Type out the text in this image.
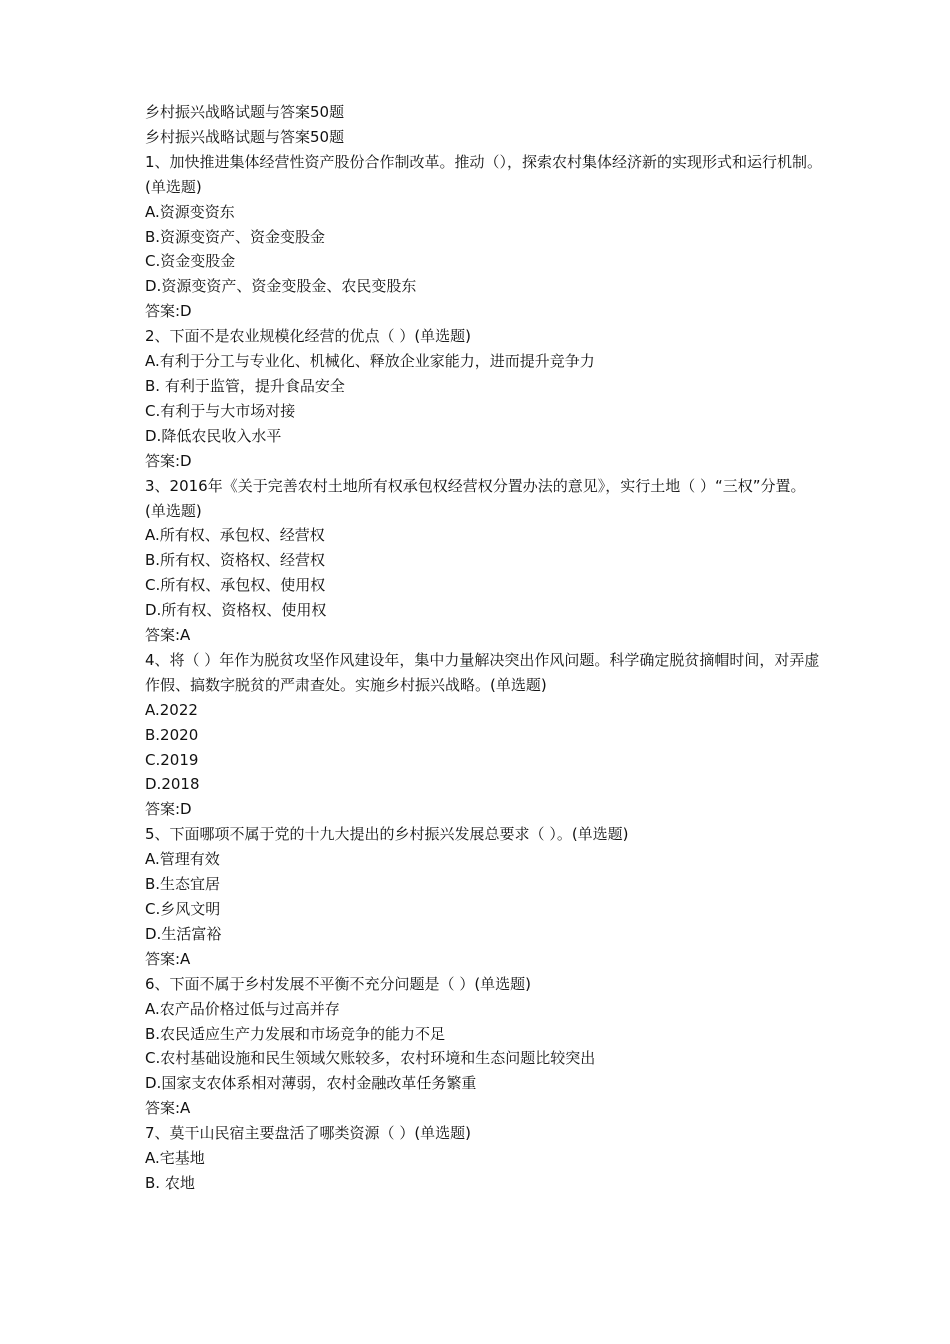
乡村振兴战略试题与答案50题

乡村振兴战略试题与答案50题

1、加快推进集体经营性资产股份合作制改革。推动（），探索农村集体经济新的实现形式和运行机制。(单选题)

A.资源变资东

B.资源变资产、资金变股金

C.资金变股金

D.资源变资产、资金变股金、农民变股东

答案:D

2、下面不是农业规模化经营的优点（ ）(单选题)

A.有利于分工与专业化、机械化、释放企业家能力，进而提升竞争力

B. 有利于监管，提升食品安全

C.有利于与大市场对接

D.降低农民收入水平

答案:D

3、2016年《关于完善农村土地所有权承包权经营权分置办法的意见》，实行土地（ ）“三权”分置。(单选题)

A.所有权、承包权、经营权

B.所有权、资格权、经营权

C.所有权、承包权、使用权

D.所有权、资格权、使用权

答案:A

4、将（ ）年作为脱贫攻坚作风建设年，集中力量解决突出作风问题。科学确定脱贫摘帽时间，对弄虚作假、搞数字脱贫的严肃查处。实施乡村振兴战略。(单选题)

A.2022

B.2020

C.2019

D.2018

答案:D

5、下面哪项不属于党的十九大提出的乡村振兴发展总要求（ ）。(单选题)

A.管理有效

B.生态宜居

C.乡风文明

D.生活富裕

答案:A

6、下面不属于乡村发展不平衡不充分问题是（ ）(单选题)

A.农产品价格过低与过高并存

B.农民适应生产力发展和市场竞争的能力不足

C.农村基础设施和民生领域欠账较多，农村环境和生态问题比较突出

D.国家支农体系相对薄弱，农村金融改革任务繁重

答案:A

7、莫干山民宿主要盘活了哪类资源（ ）(单选题)

A.宅基地

B. 农地
